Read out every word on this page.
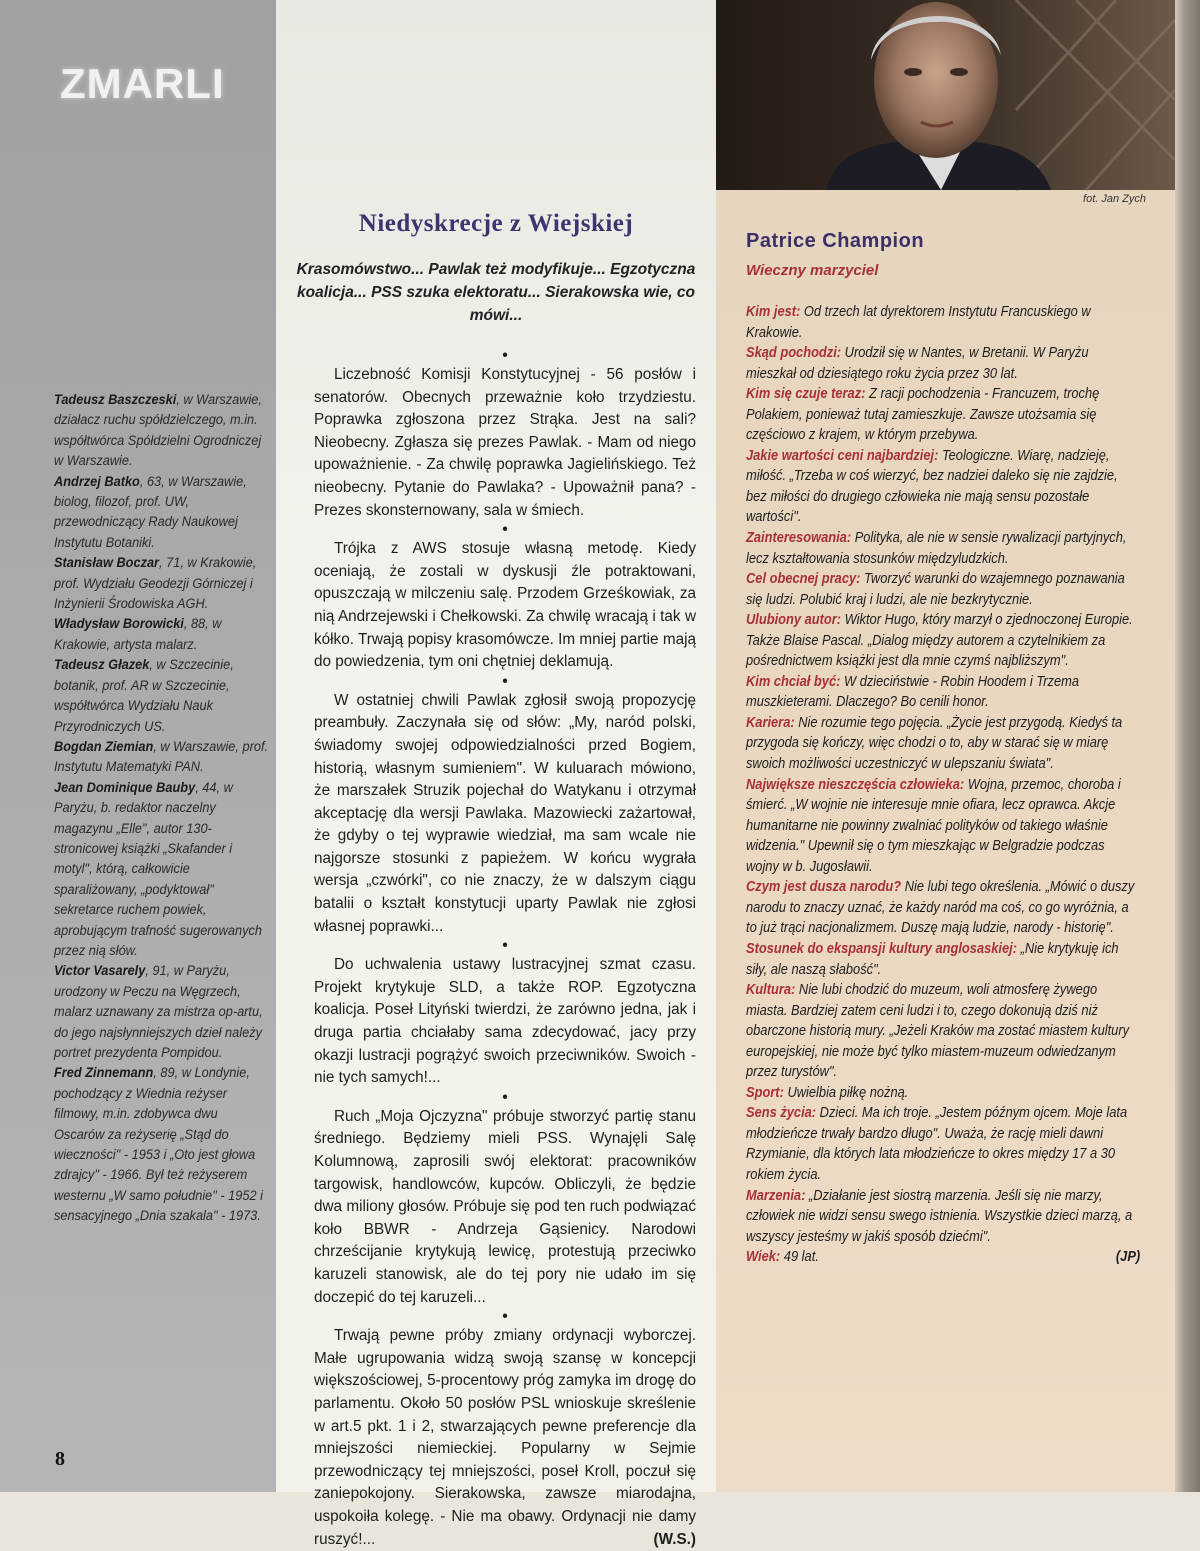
ZMARLI
Tadeusz Baszczeski, w Warszawie, działacz ruchu spółdzielczego, m.in. współtwórca Spółdzielni Ogrodniczej w Warszawie.
Andrzej Batko, 63, w Warszawie, biolog, filozof, prof. UW, przewodniczący Rady Naukowej Instytutu Botaniki.
Stanisław Boczar, 71, w Krakowie, prof. Wydziału Geodezji Górniczej i Inżynierii Środowiska AGH.
Władysław Borowicki, 88, w Krakowie, artysta malarz.
Tadeusz Głazek, w Szczecinie, botanik, prof. AR w Szczecinie, współtwórca Wydziału Nauk Przyrodniczych US.
Bogdan Ziemian, w Warszawie, prof. Instytutu Matematyki PAN.
Jean Dominique Bauby, 44, w Paryżu, b. redaktor naczelny magazynu „Elle", autor 130-stronicowej książki „Skafander i motyl", którą, całkowicie sparaliżowany, „podyktował" sekretarce ruchem powiek, aprobującym trafność sugerowanych przez nią słów.
Victor Vasarely, 91, w Paryżu, urodzony w Peczu na Węgrzech, malarz uznawany za mistrza op-artu, do jego najsłynniejszych dzieł należy portret prezydenta Pompidou.
Fred Zinnemann, 89, w Londynie, pochodzący z Wiednia reżyser filmowy, m.in. zdobywca dwu Oscarów za reżyserię „Stąd do wieczności" - 1953 i „Oto jest głowa zdrajcy" - 1966. Był też reżyserem westernu „W samo południe" - 1952 i sensacyjnego „Dnia szakala" - 1973.
8
Niedyskrecje z Wiejskiej
Krasomówstwo... Pawlak też modyfikuje... Egzotyczna koalicja... PSS szuka elektoratu... Sierakowska wie, co mówi...
•

Liczebność Komisji Konstytucyjnej - 56 posłów i senatorów. Obecnych przeważnie koło trzydziestu. Poprawka zgłoszona przez Strąka. Jest na sali? Nieobecny. Zgłasza się prezes Pawlak. - Mam od niego upoważnienie. - Za chwilę poprawka Jagielińskiego. Też nieobecny. Pytanie do Pawlaka? - Upoważnił pana? - Prezes skonsternowany, sala w śmiech.

•

Trójka z AWS stosuje własną metodę. Kiedy oceniają, że zostali w dyskusji źle potraktowani, opuszczają w milczeniu salę. Przodem Grześkowiak, za nią Andrzejewski i Chełkowski. Za chwilę wracają i tak w kółko. Trwają popisy krasomówcze. Im mniej partie mają do powiedzenia, tym oni chętniej deklamują.

•

W ostatniej chwili Pawlak zgłosił swoją propozycję preambuły. Zaczynała się od słów: „My, naród polski, świadomy swojej odpowiedzialności przed Bogiem, historią, własnym sumieniem". W kuluarach mówiono, że marszałek Struzik pojechał do Watykanu i otrzymał akceptację dla wersji Pawlaka. Mazowiecki zażartował, że gdyby o tej wyprawie wiedział, ma sam wcale nie najgorsze stosunki z papieżem. W końcu wygrała wersja „czwórki", co nie znaczy, że w dalszym ciągu batalii o kształt konstytucji uparty Pawlak nie zgłosi własnej poprawki...

•

Do uchwalenia ustawy lustracyjnej szmat czasu. Projekt krytykuje SLD, a także ROP. Egzotyczna koalicja. Poseł Lityński twierdzi, że zarówno jedna, jak i druga partia chciałaby sama zdecydować, jacy przy okazji lustracji pogrążyć swoich przeciwników. Swoich - nie tych samych!...

•

Ruch „Moja Ojczyzna" próbuje stworzyć partię stanu średniego. Będziemy mieli PSS. Wynajęli Salę Kolumnową, zaprosili swój elektorat: pracowników targowisk, handlowców, kupców. Obliczyli, że będzie dwa miliony głosów. Próbuje się pod ten ruch podwiązać koło BBWR - Andrzeja Gąsienicy. Narodowi chrześcijanie krytykują lewicę, protestują przeciwko karuzeli stanowisk, ale do tej pory nie udało im się doczepić do tej karuzeli...

•

Trwają pewne próby zmiany ordynacji wyborczej. Małe ugrupowania widzą swoją szansę w koncepcji większościowej, 5-procentowy próg zamyka im drogę do parlamentu. Około 50 posłów PSL wnioskuje skreślenie w art.5 pkt. 1 i 2, stwarzających pewne preferencje dla mniejszości niemieckiej. Popularny w Sejmie przewodniczący tej mniejszości, poseł Kroll, poczuł się zaniepokojony. Sierakowska, zawsze miarodajna, uspokoiła kolegę. - Nie ma obawy. Ordynacji nie damy ruszyć!...	(W.S.)

fot. Jan Zych
Patrice Champion
Wieczny marzyciel
Kim jest: Od trzech lat dyrektorem Instytutu Francuskiego w Krakowie.
Skąd pochodzi: Urodził się w Nantes, w Bretanii. W Paryżu mieszkał od dziesiątego roku życia przez 30 lat.
Kim się czuje teraz: Z racji pochodzenia - Francuzem, trochę Polakiem, ponieważ tutaj zamieszkuje. Zawsze utożsamia się częściowo z krajem, w którym przebywa.
Jakie wartości ceni najbardziej: Teologiczne. Wiarę, nadzieję, miłość. „Trzeba w coś wierzyć, bez nadziei daleko się nie zajdzie, bez miłości do drugiego człowieka nie mają sensu pozostałe wartości".
Zainteresowania: Polityka, ale nie w sensie rywalizacji partyjnych, lecz kształtowania stosunków międzyludzkich.
Cel obecnej pracy: Tworzyć warunki do wzajemnego poznawania się ludzi. Polubić kraj i ludzi, ale nie bezkrytycznie.
Ulubiony autor: Wiktor Hugo, który marzył o zjednoczonej Europie. Także Blaise Pascal. „Dialog między autorem a czytelnikiem za pośrednictwem książki jest dla mnie czymś najbliższym".
Kim chciał być: W dzieciństwie - Robin Hoodem i Trzema muszkieterami. Dlaczego? Bo cenili honor.
Kariera: Nie rozumie tego pojęcia. „Życie jest przygodą. Kiedyś ta przygoda się kończy, więc chodzi o to, aby w starać się w miarę swoich możliwości uczestniczyć w ulepszaniu świata".
Największe nieszczęścia człowieka: Wojna, przemoc, choroba i śmierć. „W wojnie nie interesuje mnie ofiara, lecz oprawca. Akcje humanitarne nie powinny zwalniać polityków od takiego właśnie widzenia." Upewnił się o tym mieszkając w Belgradzie podczas wojny w b. Jugosławii.
Czym jest dusza narodu? Nie lubi tego określenia. „Mówić o duszy narodu to znaczy uznać, że każdy naród ma coś, co go wyróżnia, a to już trąci nacjonalizmem. Duszę mają ludzie, narody - historię".
Stosunek do ekspansji kultury anglosaskiej: „Nie krytykuję ich siły, ale naszą słabość".
Kultura: Nie lubi chodzić do muzeum, woli atmosferę żywego miasta. Bardziej zatem ceni ludzi i to, czego dokonują dziś niż obarczone historią mury. „Jeżeli Kraków ma zostać miastem kultury europejskiej, nie może być tylko miastem-muzeum odwiedzanym przez turystów".
Sport: Uwielbia piłkę nożną.
Sens życia: Dzieci. Ma ich troje. „Jestem późnym ojcem. Moje lata młodzieńcze trwały bardzo długo". Uważa, że rację mieli dawni Rzymianie, dla których lata młodzieńcze to okres między 17 a 30 rokiem życia.
Marzenia: „Działanie jest siostrą marzenia. Jeśli się nie marzy, człowiek nie widzi sensu swego istnienia. Wszystkie dzieci marzą, a wszyscy jesteśmy w jakiś sposób dziećmi".
Wiek: 49 lat.	(JP)
